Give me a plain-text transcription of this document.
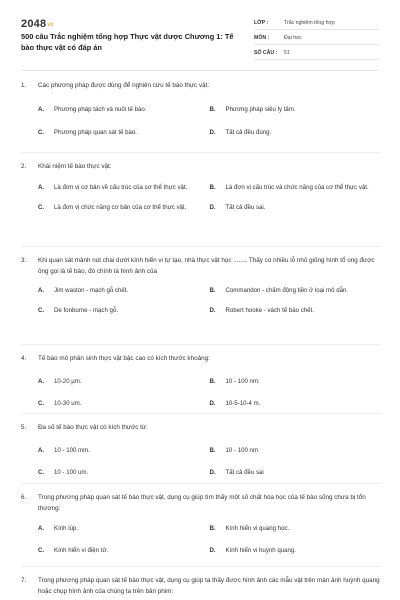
$2048^{vn}$
500 câu Trắc nghiệm tổng hợp Thực vật dược Chương 1: Tế bào thực vật có đáp án
LỚP :	Trắc nghiệm tổng hợp
MÔN :	Đại học
SỐ CÂU :	51
1.	Các phương pháp được dùng để nghiên cứu tế bào thực vật:
A.	Phương pháp tách và nuôi tế bào.	B.	Phương pháp siêu ly tâm.
C.	Phương pháp quan sát tế bào.	D.	Tất cả đều đúng.
2.	Khái niệm tế bào thực vật:
A.	Là đơn vị cơ bản về cấu trúc của cơ thể thực vật.	B.	Là đơn vị cấu trúc và chức năng của cơ thể thực vật.
C.	Là đơn vị chức năng cơ bản của cơ thể thực vật.	D.	Tất cả đều sai.
3.	Khi quan sát mảnh nút chai dưới kính hiển vi tự tạo, nhà thực vật học ........ Thấy có nhiều lỗ nhỏ giống hình tổ ong được ông gọi là tế bào, đó chính là hình ảnh của
A.	Jim waston - mạch gỗ chết.	B.	Commandon - chấm động tiền ở loại mô dẫn.
C.	De fonburne - mạch gỗ.	D.	Robert hooke - vách tế bào chết.
4.	Tế bào mô phân sinh thực vật bậc cao có kích thước khoảng:
A.	10-20 µm.	B.	10 - 100 nm.
C.	10-30 um.	D.	10-5-10-4 m.
5.	Đa số tế bào thực vật có kích thước từ:
A.	10 - 100 mm.	B.	10 - 100 nm
C.	10 - 100 um.	D.	Tất cả đều sai
6.	Trong phương pháp quan sát tế bào thực vật, dụng cụ giúp tìm thấy một số chất hóa học của tế bào sống chưa bị tổn thương:
A.	Kính lúp.	B.	Kính hiển vi quang học.
C.	Kính hiển vi điện tử.	D.	Kính hiển vi huỳnh quang.
7.	Trong phương pháp quan sát tế bào thực vật, dụng cụ giúp ta thấy được hình ảnh các mẫu vật trên màn ảnh huỳnh quang hoặc chụp hình ảnh của chúng ta trên bản phim:
